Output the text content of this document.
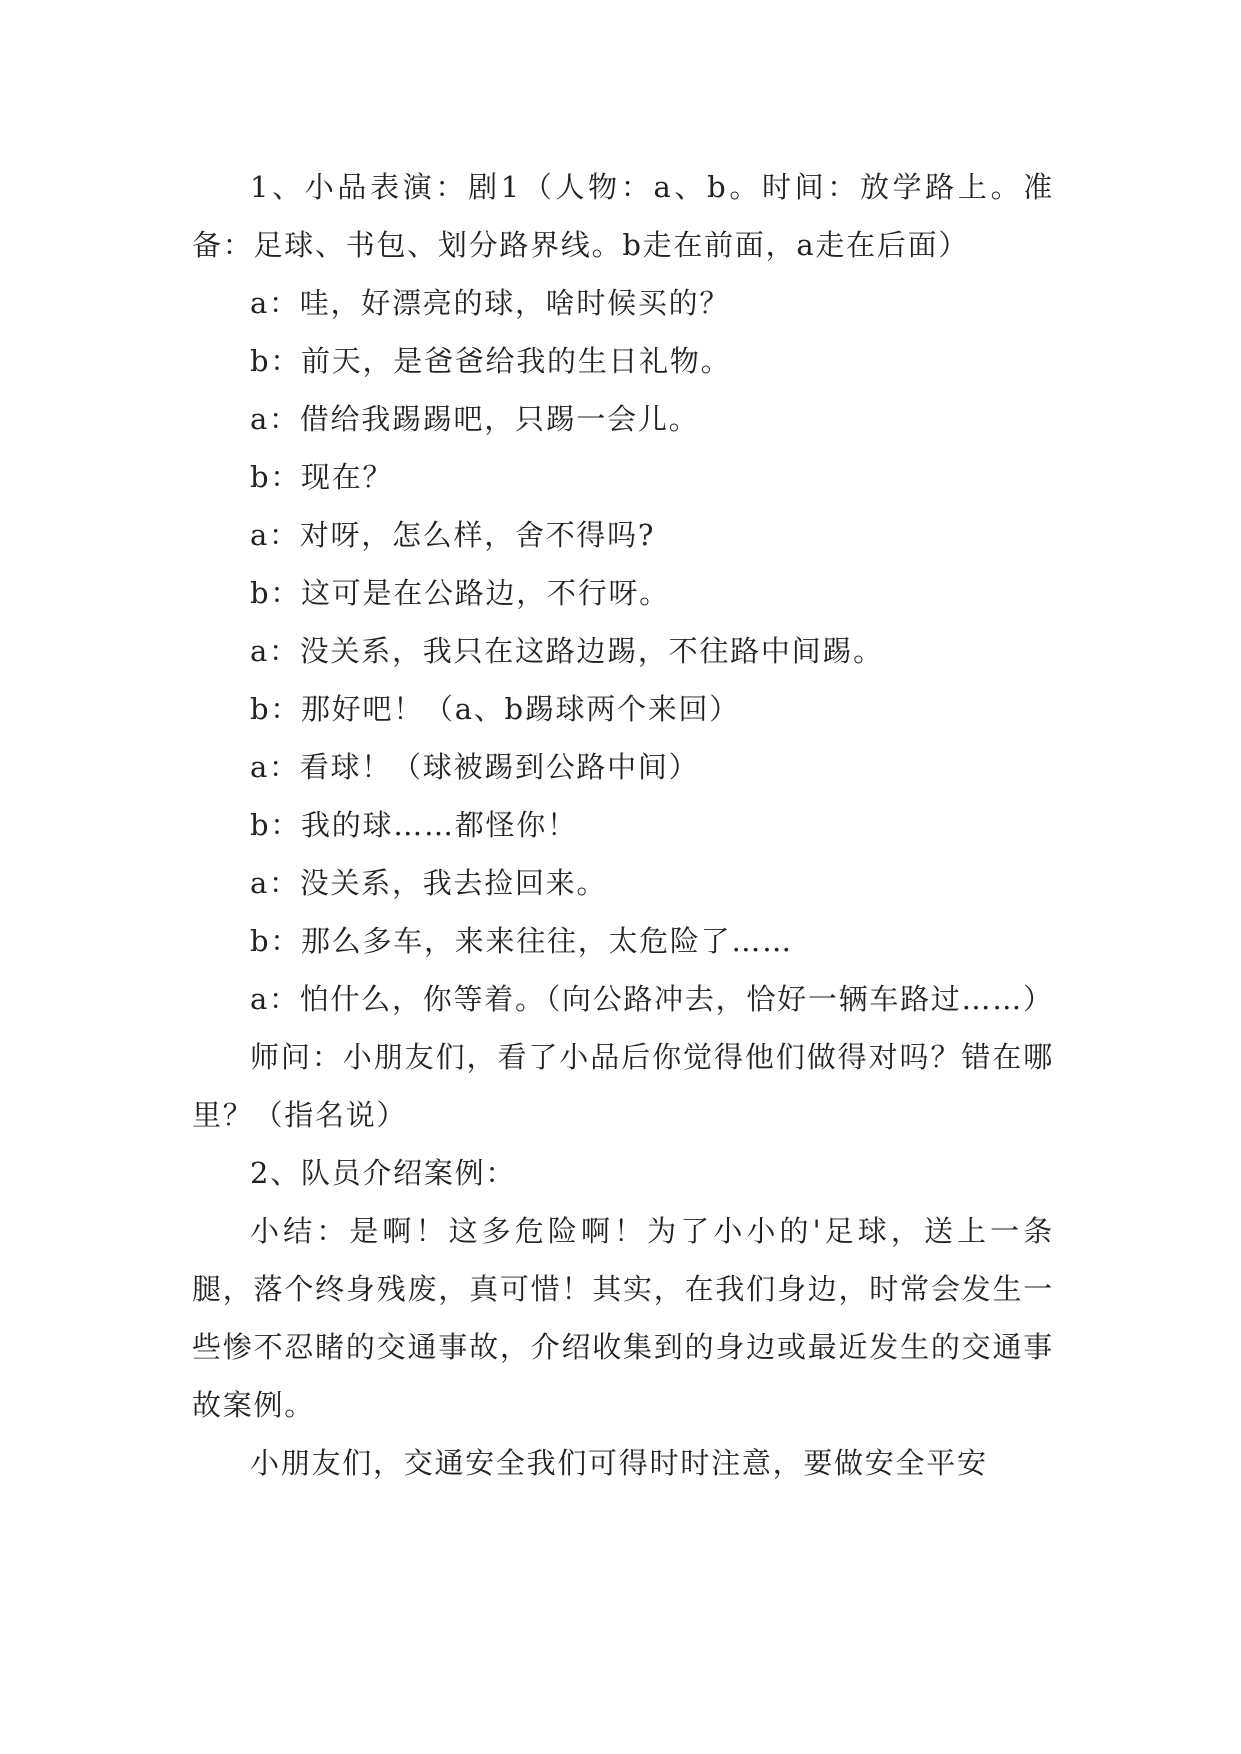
1、小品表演：剧1（人物：a、b。时间：放学路上。准备：足球、书包、划分路界线。b走在前面，a走在后面）

a：哇，好漂亮的球，啥时候买的？

b：前天，是爸爸给我的生日礼物。

a：借给我踢踢吧，只踢一会儿。

b：现在？

a：对呀，怎么样，舍不得吗?

b：这可是在公路边，不行呀。

a：没关系，我只在这路边踢，不往路中间踢。

b：那好吧！（a、b踢球两个来回）

a：看球！（球被踢到公路中间）

b：我的球……都怪你！

a：没关系，我去捡回来。

b：那么多车，来来往往，太危险了……

a：怕什么，你等着。（向公路冲去，恰好一辆车路过……）

师问：小朋友们，看了小品后你觉得他们做得对吗？错在哪里？（指名说）

2、队员介绍案例：

小结：是啊！这多危险啊！为了小小的'足球，送上一条腿，落个终身残废，真可惜！其实，在我们身边，时常会发生一些惨不忍睹的交通事故，介绍收集到的身边或最近发生的交通事故案例。

小朋友们，交通安全我们可得时时注意，要做安全平安
